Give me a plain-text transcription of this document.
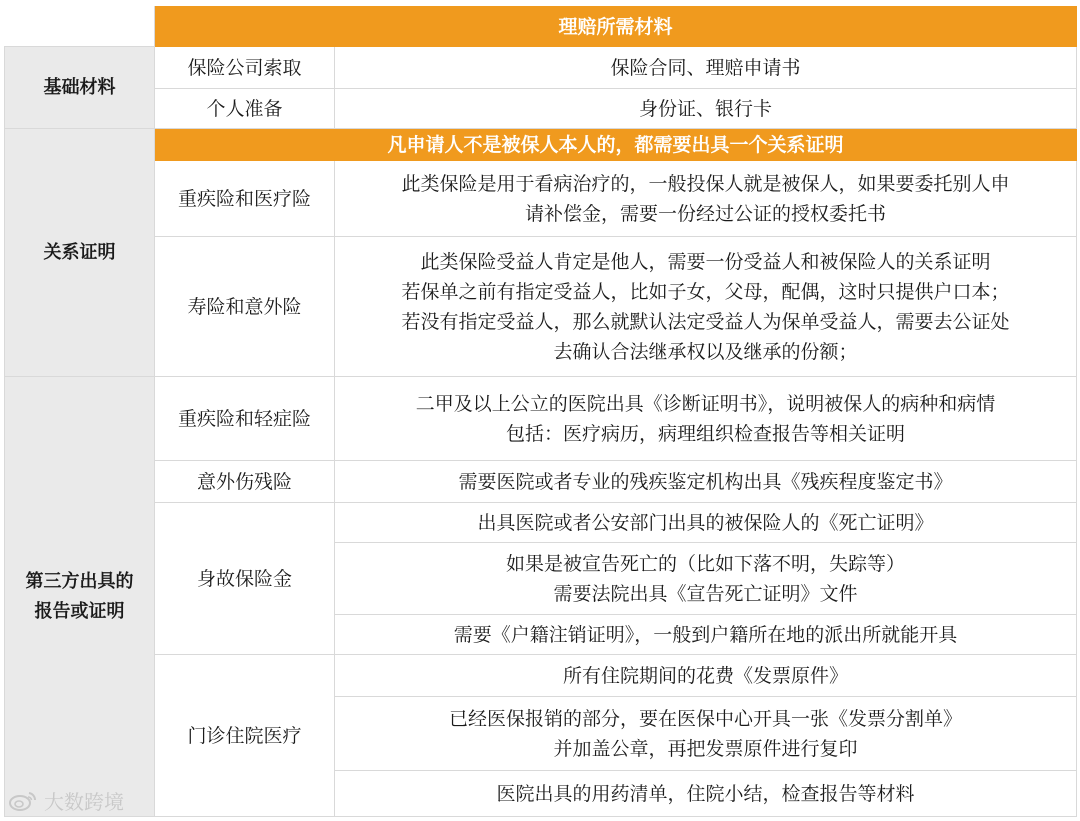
	理赔所需材料	
基础材料	保险公司索取	保险合同、理赔申请书
	个人准备	身份证、银行卡
关系证明	凡申请人不是被保人本人的，都需要出具一个关系证明	
	重疾险和医疗险	此类保险是用于看病治疗的，一般投保人就是被保人，如果要委托别人申
请补偿金，需要一份经过公证的授权委托书

	寿险和意外险	此类保险受益人肯定是他人，需要一份受益人和被保险人的关系证明
若保单之前有指定受益人，比如子女，父母，配偶，这时只提供户口本；
若没有指定受益人，那么就默认法定受益人为保单受益人，需要去公证处
去确认合法继承权以及继承的份额；

第三方出具的
报告或证明	重疾险和轻症险	二甲及以上公立的医院出具《诊断证明书》，说明被保人的病种和病情
包括：医疗病历，病理组织检查报告等相关证明

	意外伤残险	需要医院或者专业的残疾鉴定机构出具《残疾程度鉴定书》
	身故保险金	出具医院或者公安部门出具的被保险人的《死亡证明》

		如果是被宣告死亡的（比如下落不明，失踪等）
需要法院出具《宣告死亡证明》文件

		需要《户籍注销证明》，一般到户籍所在地的派出所就能开具
	门诊住院医疗	所有住院期间的花费《发票原件》

		已经医保报销的部分，要在医保中心开具一张《发票分割单》
并加盖公章，再把发票原件进行复印

		医院出具的用药清单，住院小结，检查报告等材料
大数跨境
